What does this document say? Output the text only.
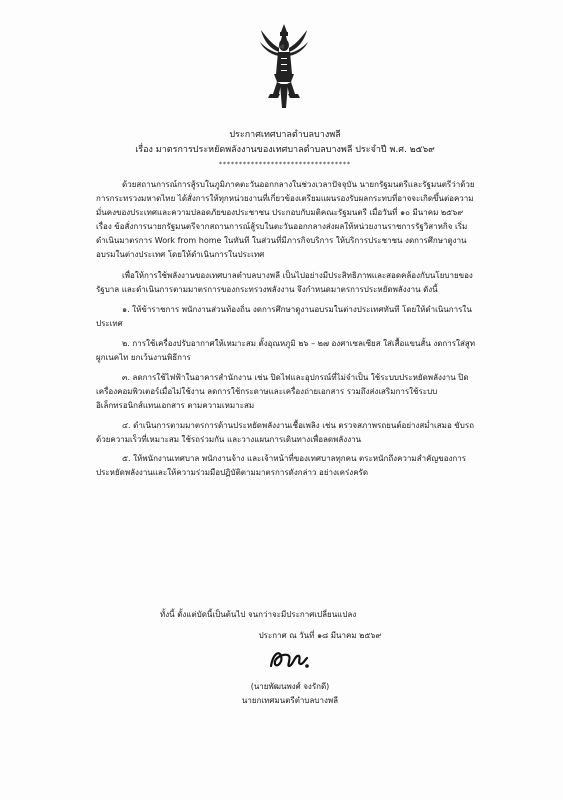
ประกาศเทศบาลตำบลบางพลี
เรื่อง มาตรการประหยัดพลังงานของเทศบาลตำบลบางพลี ประจำปี พ.ศ. ๒๕๖๙
*********************************

ด้วยสถานการณ์การสู้รบในภูมิภาคตะวันออกกลางในช่วงเวลาปัจจุบัน นายกรัฐมนตรีและรัฐมนตรีว่าด้วยการกระทรวงมหาดไทย ได้สั่งการให้ทุกหน่วยงานที่เกี่ยวข้องเตรียมแผนรองรับผลกระทบที่อาจจะเกิดขึ้นต่อความมั่นคงของประเทศและความปลอดภัยของประชาชน ประกอบกับมติคณะรัฐมนตรี เมื่อวันที่ ๑๐ มีนาคม ๒๕๖๙ เรื่อง ข้อสั่งการนายกรัฐมนตรีจากสถานการณ์สู้รบในตะวันออกกลางส่งผลให้หน่วยงานราชการรัฐวิสาหกิจ เริ่มดำเนินมาตรการ Work from home ในทันที ในส่วนที่มีภารกิจบริการ ให้บริการประชาชน งดการศึกษาดูงานอบรมในต่างประเทศ โดยให้ดำเนินการในประเทศ

เพื่อให้การใช้พลังงานของเทศบาลตำบลบางพลี เป็นไปอย่างมีประสิทธิภาพและสอดคล้องกับนโยบายของรัฐบาล และดำเนินการตามมาตรการของกระทรวงพลังงาน จึงกำหนดมาตรการประหยัดพลังงาน ดังนี้

๑. ให้ข้าราชการ พนักงานส่วนท้องถิ่น งดการศึกษาดูงานอบรมในต่างประเทศทันที โดยให้ดำเนินการในประเทศ

๒. การใช้เครื่องปรับอากาศให้เหมาะสม ตั้งอุณหภูมิ ๒๖ – ๒๗ องศาเซลเซียส ใส่เสื้อแขนสั้น งดการใส่สูทผูกเนคไท ยกเว้นงานพิธีการ

๓. ลดการใช้ไฟฟ้าในอาคารสำนักงาน เช่น ปิดไฟและอุปกรณ์ที่ไม่จำเป็น ใช้ระบบประหยัดพลังงาน ปิดเครื่องคอมพิวเตอร์เมื่อไม่ใช้งาน ลดการใช้กระดาษและเครื่องถ่ายเอกสาร รวมถึงส่งเสริมการใช้ระบบอิเล็กทรอนิกส์แทนเอกสาร ตามความเหมาะสม

๔. ดำเนินการตามมาตรการด้านประหยัดพลังงานเชื้อเพลิง เช่น ตรวจสภาพรถยนต์อย่างสม่ำเสมอ ขับรถด้วยความเร็วที่เหมาะสม ใช้รถร่วมกัน และวางแผนการเดินทางเพื่อลดพลังงาน

๕. ให้พนักงานเทศบาล พนักงานจ้าง และเจ้าหน้าที่ของเทศบาลทุกคน ตระหนักถึงความสำคัญของการประหยัดพลังงานและให้ความร่วมมือปฏิบัติตามมาตรการดังกล่าว อย่างเคร่งครัด

ทั้งนี้ ตั้งแต่บัดนี้เป็นต้นไป จนกว่าจะมีประกาศเปลี่ยนแปลง
ประกาศ ณ วันที่ ๑๘ มีนาคม ๒๕๖๙
(นายพัฒนพงศ์ จงรักดี)
นายกเทศมนตรีตำบลบางพลี
